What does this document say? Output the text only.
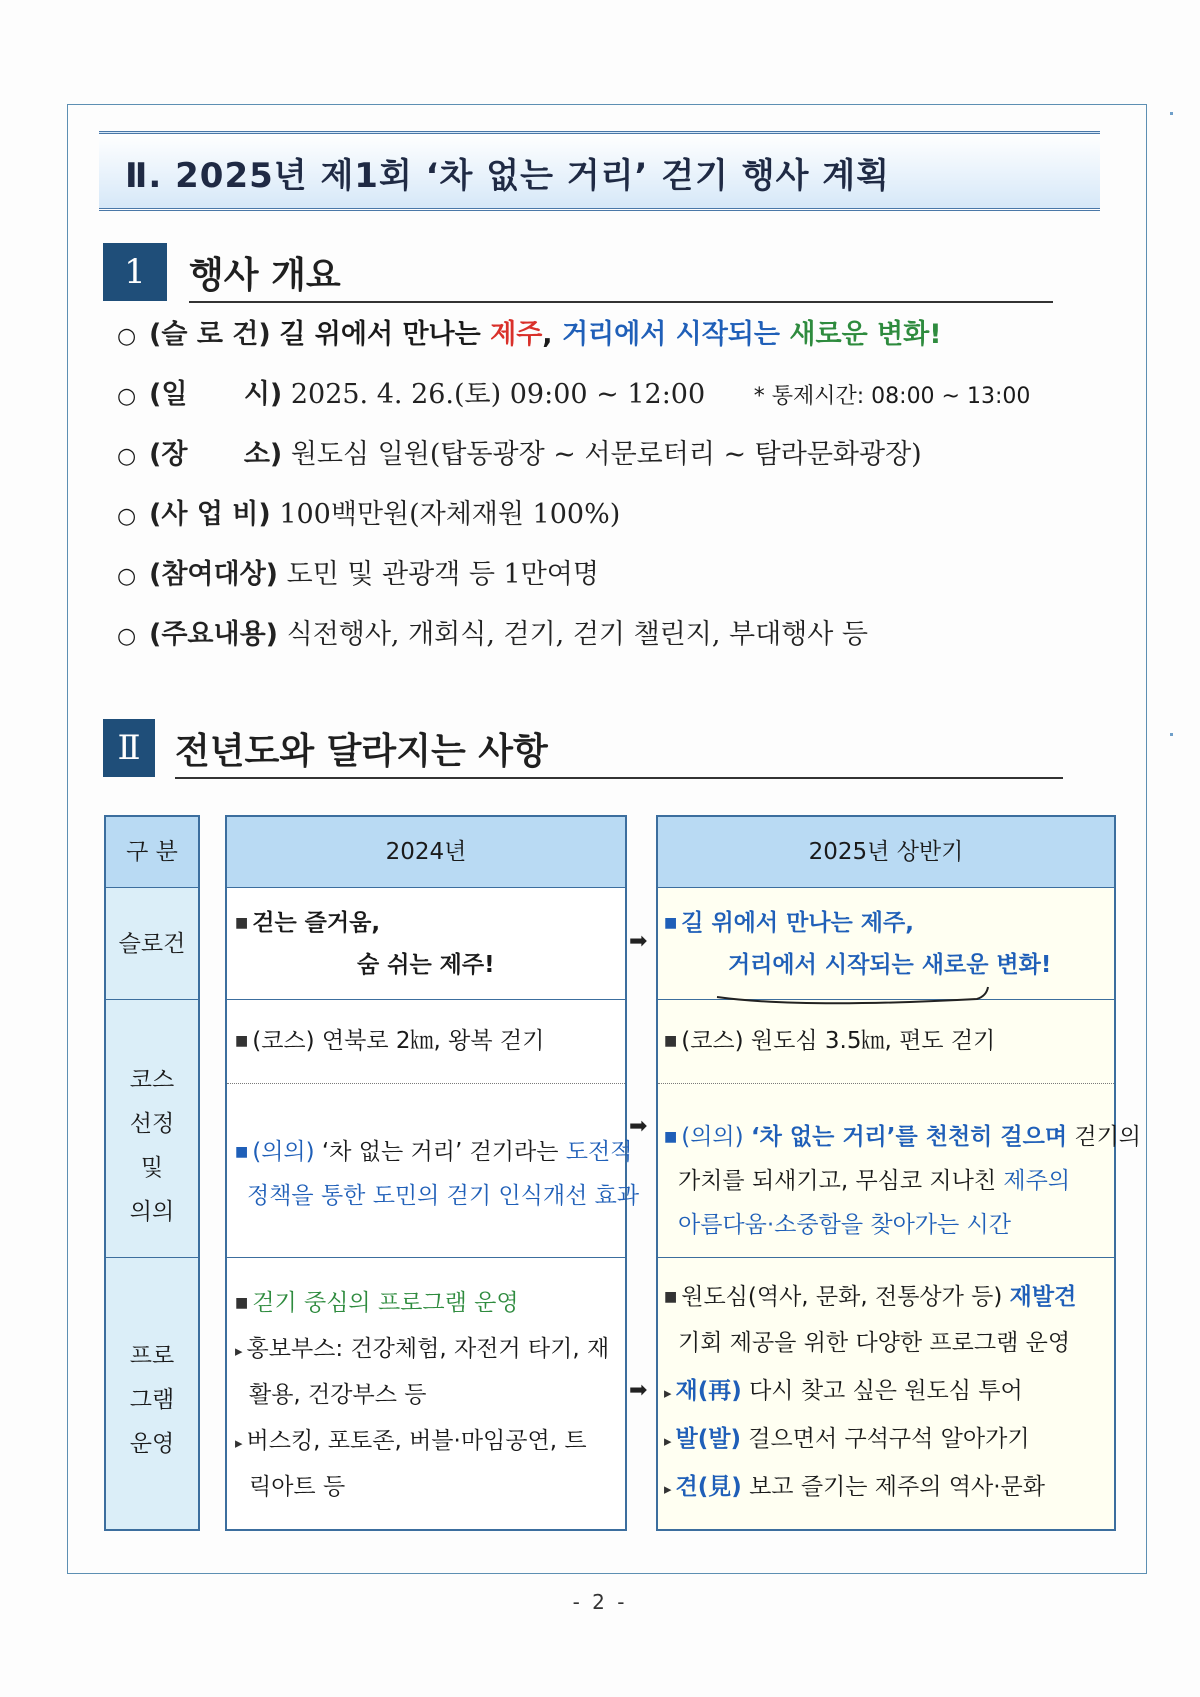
Ⅱ. 2025년 제1회 ‘차 없는 거리’ 걷기 행사 계획
1	행사 개요
○ (슬 로 건) 길 위에서 만나는 제주, 거리에서 시작되는 새로운 변화!
○ (일      시) 2025. 4. 26.(토) 09:00 ~ 12:00 * 통제시간: 08:00 ~ 13:00
○ (장      소) 원도심 일원(탑동광장 ~ 서문로터리 ~ 탐라문화광장)
○ (사 업 비) 100백만원(자체재원 100%)
○ (참여대상) 도민 및 관광객 등 1만여명
○ (주요내용) 식전행사, 개회식, 걷기, 걷기 챌린지, 부대행사 등
Ⅱ 전년도와 달라지는 사항
구 분
슬로건
코스
선정
및
의의
프로
그램
운영
2024년
■ 걷는 즐거움,
숨 쉬는 제주!
■ (코스) 연북로 2㎞, 왕복 걷기
■ (의의) ‘차 없는 거리’ 걷기라는 도전적
정책을 통한 도민의 걷기 인식개선 효과
■ 걷기 중심의 프로그램 운영
▸ 홍보부스: 건강체험, 자전거 타기, 재
활용, 건강부스 등
▸ 버스킹, 포토존, 버블·마임공연, 트
릭아트 등
➡
➡
➡
2025년 상반기
■ 길 위에서 만나는 제주,
거리에서 시작되는 새로운 변화!
■ (코스) 원도심 3.5㎞, 편도 걷기
■ (의의) ‘차 없는 거리’를 천천히 걸으며 걷기의
가치를 되새기고, 무심코 지나친 제주의
아름다움·소중함을 찾아가는 시간
■ 원도심(역사, 문화, 전통상가 등) 재발견
기회 제공을 위한 다양한 프로그램 운영
▸ 재(再) 다시 찾고 싶은 원도심 투어
▸ 발(발) 걸으면서 구석구석 알아가기
▸ 견(見) 보고 즐기는 제주의 역사·문화
- 2 -
